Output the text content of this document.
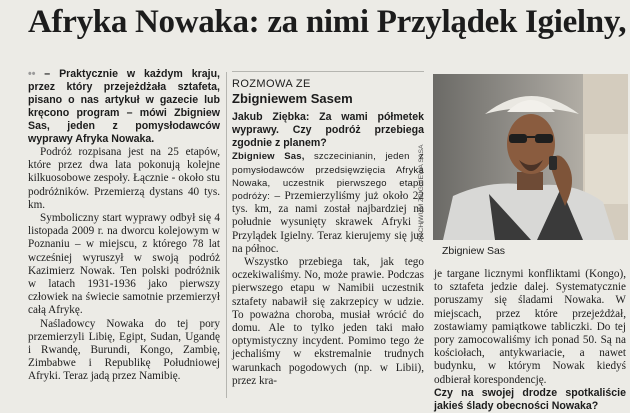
Afryka Nowaka: za nimi Przylądek Igielny,

•• – Praktycznie w każdym kraju, przez który przejeżdżała sztafeta, pisano o nas artykuł w gazecie lub kręcono program – mówi Zbigniew Sas, jeden z pomysłodawców wyprawy Afryka Nowaka.

Podróż rozpisana jest na 25 etapów, które przez dwa lata pokonują kolejne kilkuosobowe zespoły. Łącznie - około stu podróżników. Przemierzą dystans 40 tys. km.

Symboliczny start wyprawy odbył się 4 listopada 2009 r. na dworcu kolejowym w Poznaniu – w miejscu, z którego 78 lat wcześniej wyruszył w swoją podróż Kazimierz Nowak. Ten polski podróżnik w latach 1931-1936 jako pierwszy człowiek na świecie samotnie przemierzył całą Afrykę.

Naśladowcy Nowaka do tej pory przemierzyli Libię, Egipt, Sudan, Ugandę i Rwandę, Burundi, Kongo, Zambię, Zimbabwe i Republikę Południowej Afryki. Teraz jadą przez Namibię.

ROZMOWA ZE
Zbigniewem Sasem

Jakub Ziębka: Za wami półmetek wyprawy. Czy podróż przebiega zgodnie z planem?

Zbigniew Sas, szczecinianin, jeden z pomysłodawców przedsięwzięcia Afryka Nowaka, uczestnik pierwszego etapu podróży: – Przemierzyliśmy już około 22 tys. km, za nami został najbardziej na południe wysunięty skrawek Afryki - Przylądek Igielny. Teraz kierujemy się już na północ.

Wszystko przebiega tak, jak tego oczekiwaliśmy. No, może prawie. Podczas pierwszego etapu w Namibii uczestnik sztafety nabawił się zakrzepicy w udzie. To poważna choroba, musiał wrócić do domu. Ale to tylko jeden taki mało optymistyczny incydent. Pomimo tego że jechaliśmy w ekstremalnie trudnych warunkach pogodowych (np. w Libii), przez kra-

ARCHIWUM ZBIGNIEWA SASA
Zbigniew Sas

je targane licznymi konfliktami (Kongo), to sztafeta jedzie dalej. Systematycznie poruszamy się śladami Nowaka. W miejscach, przez które przejeżdżał, zostawiamy pamiątkowe tabliczki. Do tej pory zamocowaliśmy ich ponad 50. Są na kościołach, antykwariacie, a nawet budynku, w którym Nowak kiedyś odbierał korespondencję.

Czy na swojej drodze spotkaliście jakieś ślady obecności Nowaka?
